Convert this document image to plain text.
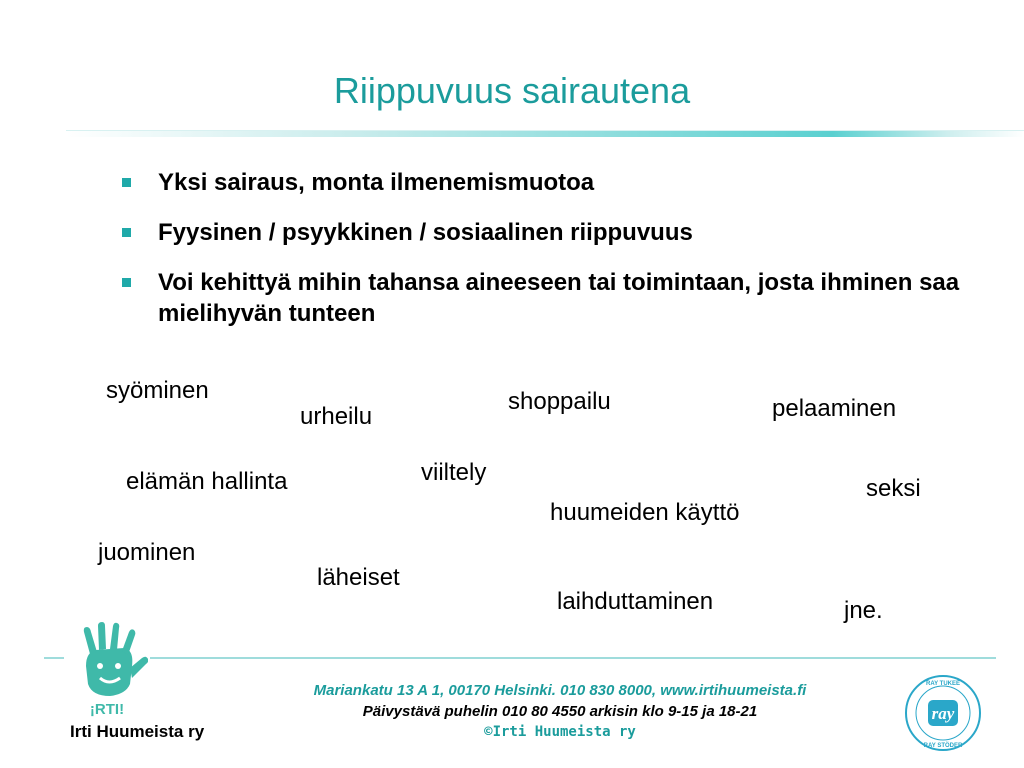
Riippuvuus sairautena
Yksi sairaus, monta ilmenemismuotoa
Fyysinen / psyykkinen / sosiaalinen riippuvuus
Voi kehittyä mihin tahansa aineeseen tai toimintaan, josta ihminen saa mielihyvän tunteen
syöminen
urheilu
shoppailu	pelaaminen
elämän hallinta	viiltely
seksi
huumeiden käyttö
juominen
läheiset
laihduttaminen	jne.
¡RTI!
Irti Huumeista ry
Mariankatu 13 A 1, 00170 Helsinki. 010 830 8000, www.irtihuumeista.fi
Päivystävä puhelin 010 80 4550 arkisin klo 9-15 ja 18-21
©Irti Huumeista ry
RAY TUKEE
RAY STÖDER
ray
